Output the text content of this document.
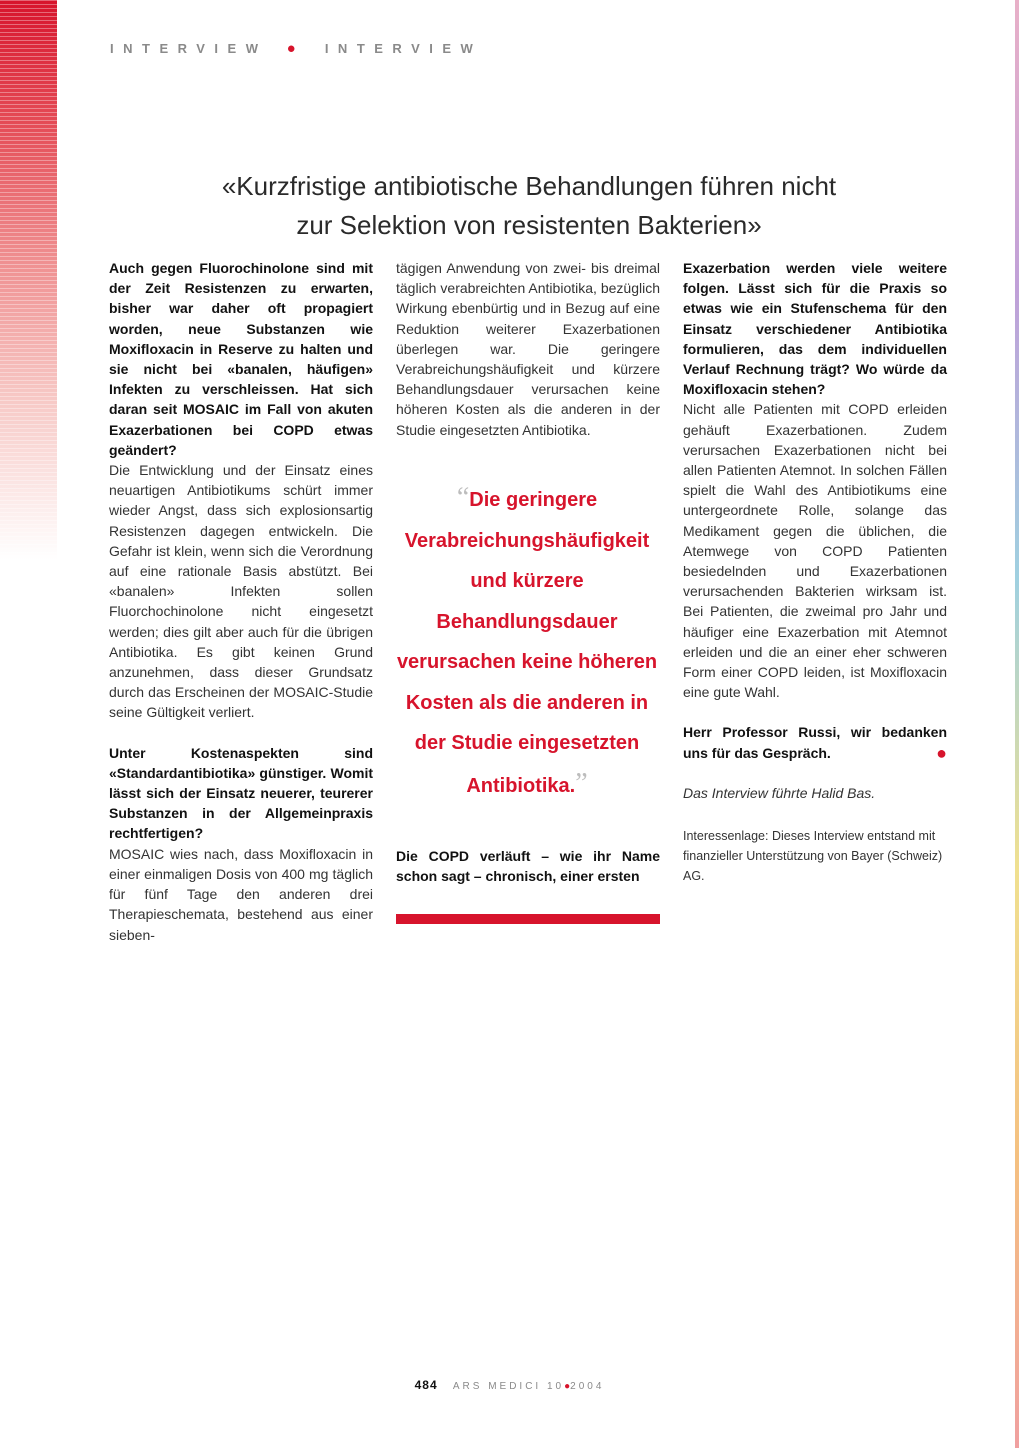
INTERVIEW ● INTERVIEW
«Kurzfristige antibiotische Behandlungen führen nicht
zur Selektion von resistenten Bakterien»

Auch gegen Fluorochinolone sind mit der Zeit Resistenzen zu erwarten, bisher war daher oft propagiert worden, neue Substanzen wie Moxifloxacin in Reserve zu halten und sie nicht bei «banalen, häufigen» Infekten zu verschleissen. Hat sich daran seit MOSAIC im Fall von akuten Exazerbationen bei COPD etwas geändert?

Die Entwicklung und der Einsatz eines neuartigen Antibiotikums schürt immer wieder Angst, dass sich explosionsartig Resistenzen dagegen entwickeln. Die Gefahr ist klein, wenn sich die Verordnung auf eine rationale Basis abstützt. Bei «banalen» Infekten sollen Fluorchochinolone nicht eingesetzt werden; dies gilt aber auch für die übrigen Antibiotika. Es gibt keinen Grund anzunehmen, dass dieser Grundsatz durch das Erscheinen der MOSAIC-Studie seine Gültigkeit verliert.

Unter Kostenaspekten sind «Standardantibiotika» günstiger. Womit lässt sich der Einsatz neuerer, teurerer Substanzen in der Allgemeinpraxis rechtfertigen?

MOSAIC wies nach, dass Moxifloxacin in einer einmaligen Dosis von 400 mg täglich für fünf Tage den anderen drei Therapieschemata, bestehend aus einer sieben-

tägigen Anwendung von zwei- bis dreimal täglich verabreichten Antibiotika, bezüglich Wirkung ebenbürtig und in Bezug auf eine Reduktion weiterer Exazerbationen überlegen war. Die geringere Verabreichungshäufigkeit und kürzere Behandlungsdauer verursachen keine höheren Kosten als die anderen in der Studie eingesetzten Antibiotika.

“Die geringere Verabreichungshäufigkeit und kürzere Behandlungsdauer verursachen keine höheren Kosten als die anderen in der Studie eingesetzten Antibiotika.”

Die COPD verläuft – wie ihr Name schon sagt – chronisch, einer ersten

Exazerbation werden viele weitere folgen. Lässt sich für die Praxis so etwas wie ein Stufenschema für den Einsatz verschiedener Antibiotika formulieren, das dem individuellen Verlauf Rechnung trägt? Wo würde da Moxifloxacin stehen?

Nicht alle Patienten mit COPD erleiden gehäuft Exazerbationen. Zudem verursachen Exazerbationen nicht bei allen Patienten Atemnot. In solchen Fällen spielt die Wahl des Antibiotikums eine untergeordnete Rolle, solange das Medikament gegen die üblichen, die Atemwege von COPD Patienten besiedelnden und Exazerbationen verursachenden Bakterien wirksam ist. Bei Patienten, die zweimal pro Jahr und häufiger eine Exazerbation mit Atemnot erleiden und die an einer eher schweren Form einer COPD leiden, ist Moxifloxacin eine gute Wahl.

Herr Professor Russi, wir bedanken uns für das Gespräch.	●

Das Interview führte Halid Bas.

Interessenlage: Dieses Interview entstand mit finanzieller Unterstützung von Bayer (Schweiz) AG.
484 ARS MEDICI 10●2004
